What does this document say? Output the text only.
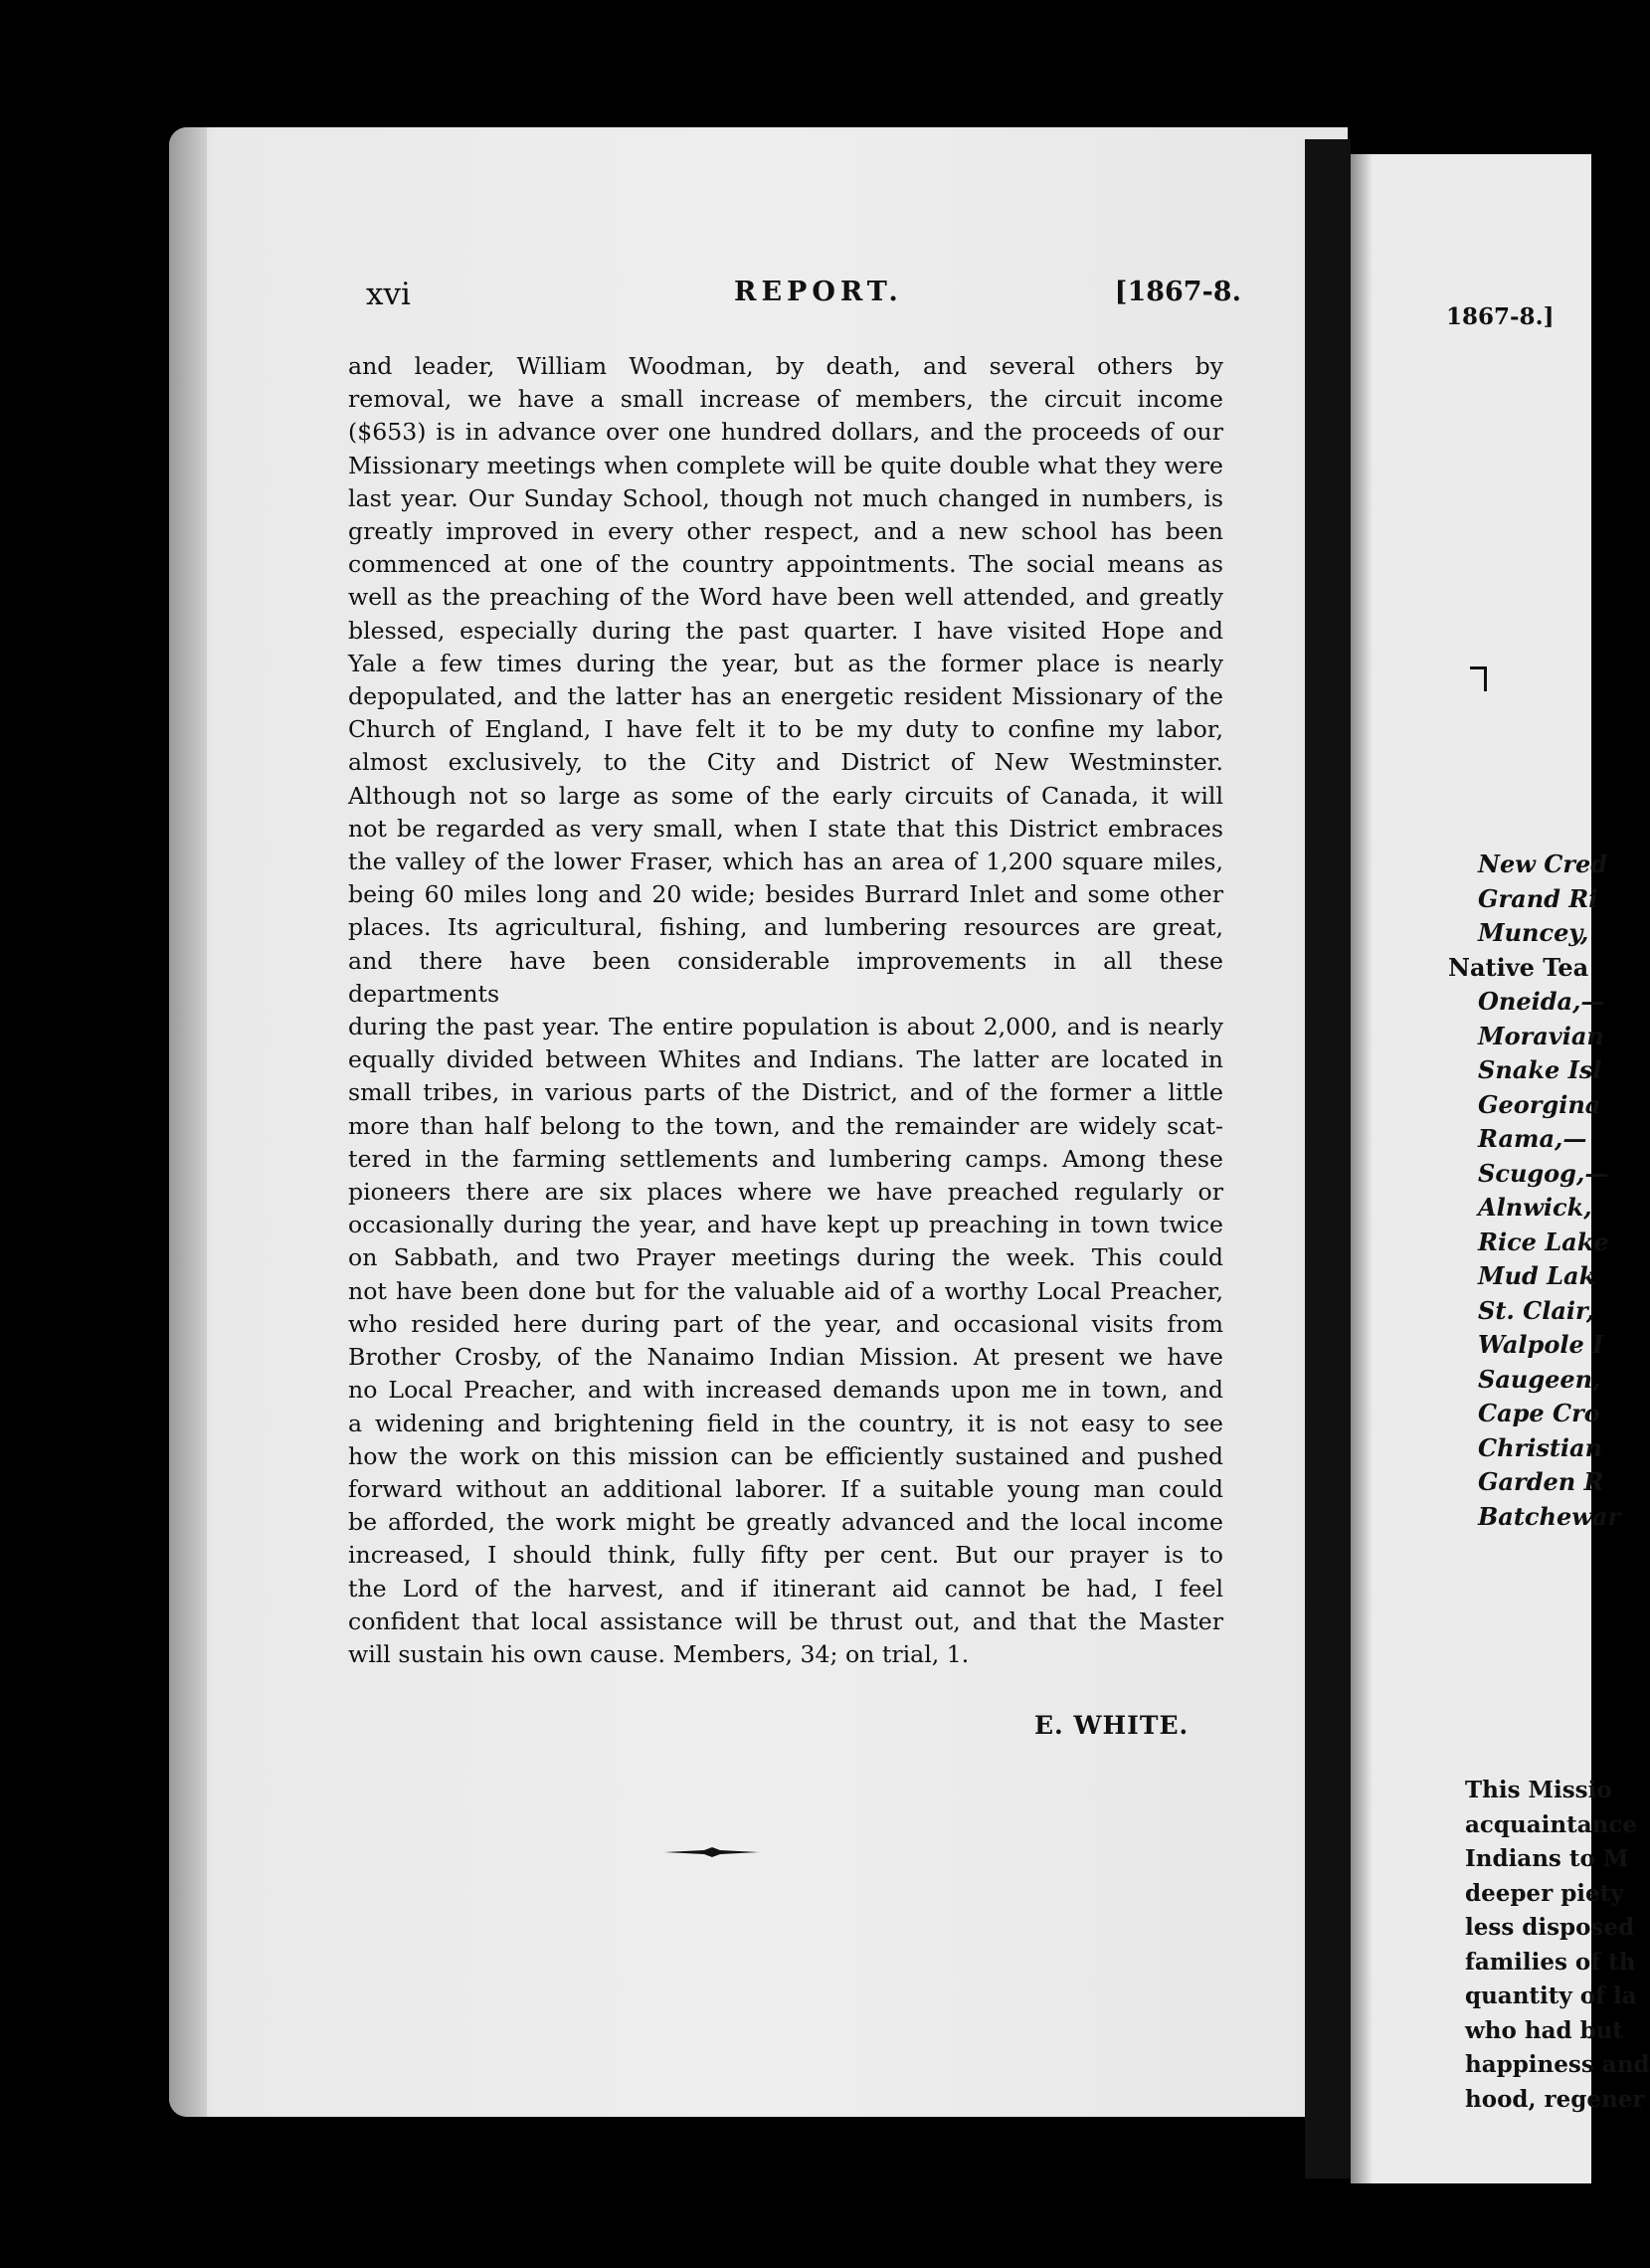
xvi	REPORT.	[1867-8.
and leader, William Woodman, by death, and several others by
removal, we have a small increase of members, the circuit income
($653) is in advance over one hundred dollars, and the proceeds of our
Missionary meetings when complete will be quite double what they were
last year. Our Sunday School, though not much changed in numbers, is
greatly improved in every other respect, and a new school has been
commenced at one of the country appointments. The social means as
well as the preaching of the Word have been well attended, and greatly
blessed, especially during the past quarter. I have visited Hope and
Yale a few times during the year, but as the former place is nearly
depopulated, and the latter has an energetic resident Missionary of the
Church of England, I have felt it to be my duty to confine my labor,
almost exclusively, to the City and District of New Westminster.
Although not so large as some of the early circuits of Canada, it will
not be regarded as very small, when I state that this District embraces
the valley of the lower Fraser, which has an area of 1,200 square miles,
being 60 miles long and 20 wide; besides Burrard Inlet and some other
places. Its agricultural, fishing, and lumbering resources are great,
and there have been considerable improvements in all these departments
during the past year. The entire population is about 2,000, and is nearly
equally divided between Whites and Indians. The latter are located in
small tribes, in various parts of the District, and of the former a little
more than half belong to the town, and the remainder are widely scat-
tered in the farming settlements and lumbering camps. Among these
pioneers there are six places where we have preached regularly or
occasionally during the year, and have kept up preaching in town twice
on Sabbath, and two Prayer meetings during the week. This could
not have been done but for the valuable aid of a worthy Local Preacher,
who resided here during part of the year, and occasional visits from
Brother Crosby, of the Nanaimo Indian Mission. At present we have
no Local Preacher, and with increased demands upon me in town, and
a widening and brightening field in the country, it is not easy to see
how the work on this mission can be efficiently sustained and pushed
forward without an additional laborer. If a suitable young man could
be afforded, the work might be greatly advanced and the local income
increased, I should think, fully fifty per cent. But our prayer is to
the Lord of the harvest, and if itinerant aid cannot be had, I feel
confident that local assistance will be thrust out, and that the Master
will sustain his own cause. Members, 34; on trial, 1.
E. WHITE.
1867-8.]
New Cred
Grand Ri
Muncey,
Native Tea
Oneida,—
Moravian
Snake Isl
Georgina
Rama,—
Scugog,—
Alnwick,
Rice Lake
Mud Lak
St. Clair,
Walpole I
Saugeen,
Cape Cro
Christian
Garden R
Batchewar
This Missio
acquaintance
Indians to M
deeper piety
less disposed
families of th
quantity of la
who had but
happiness and
hood, regener
